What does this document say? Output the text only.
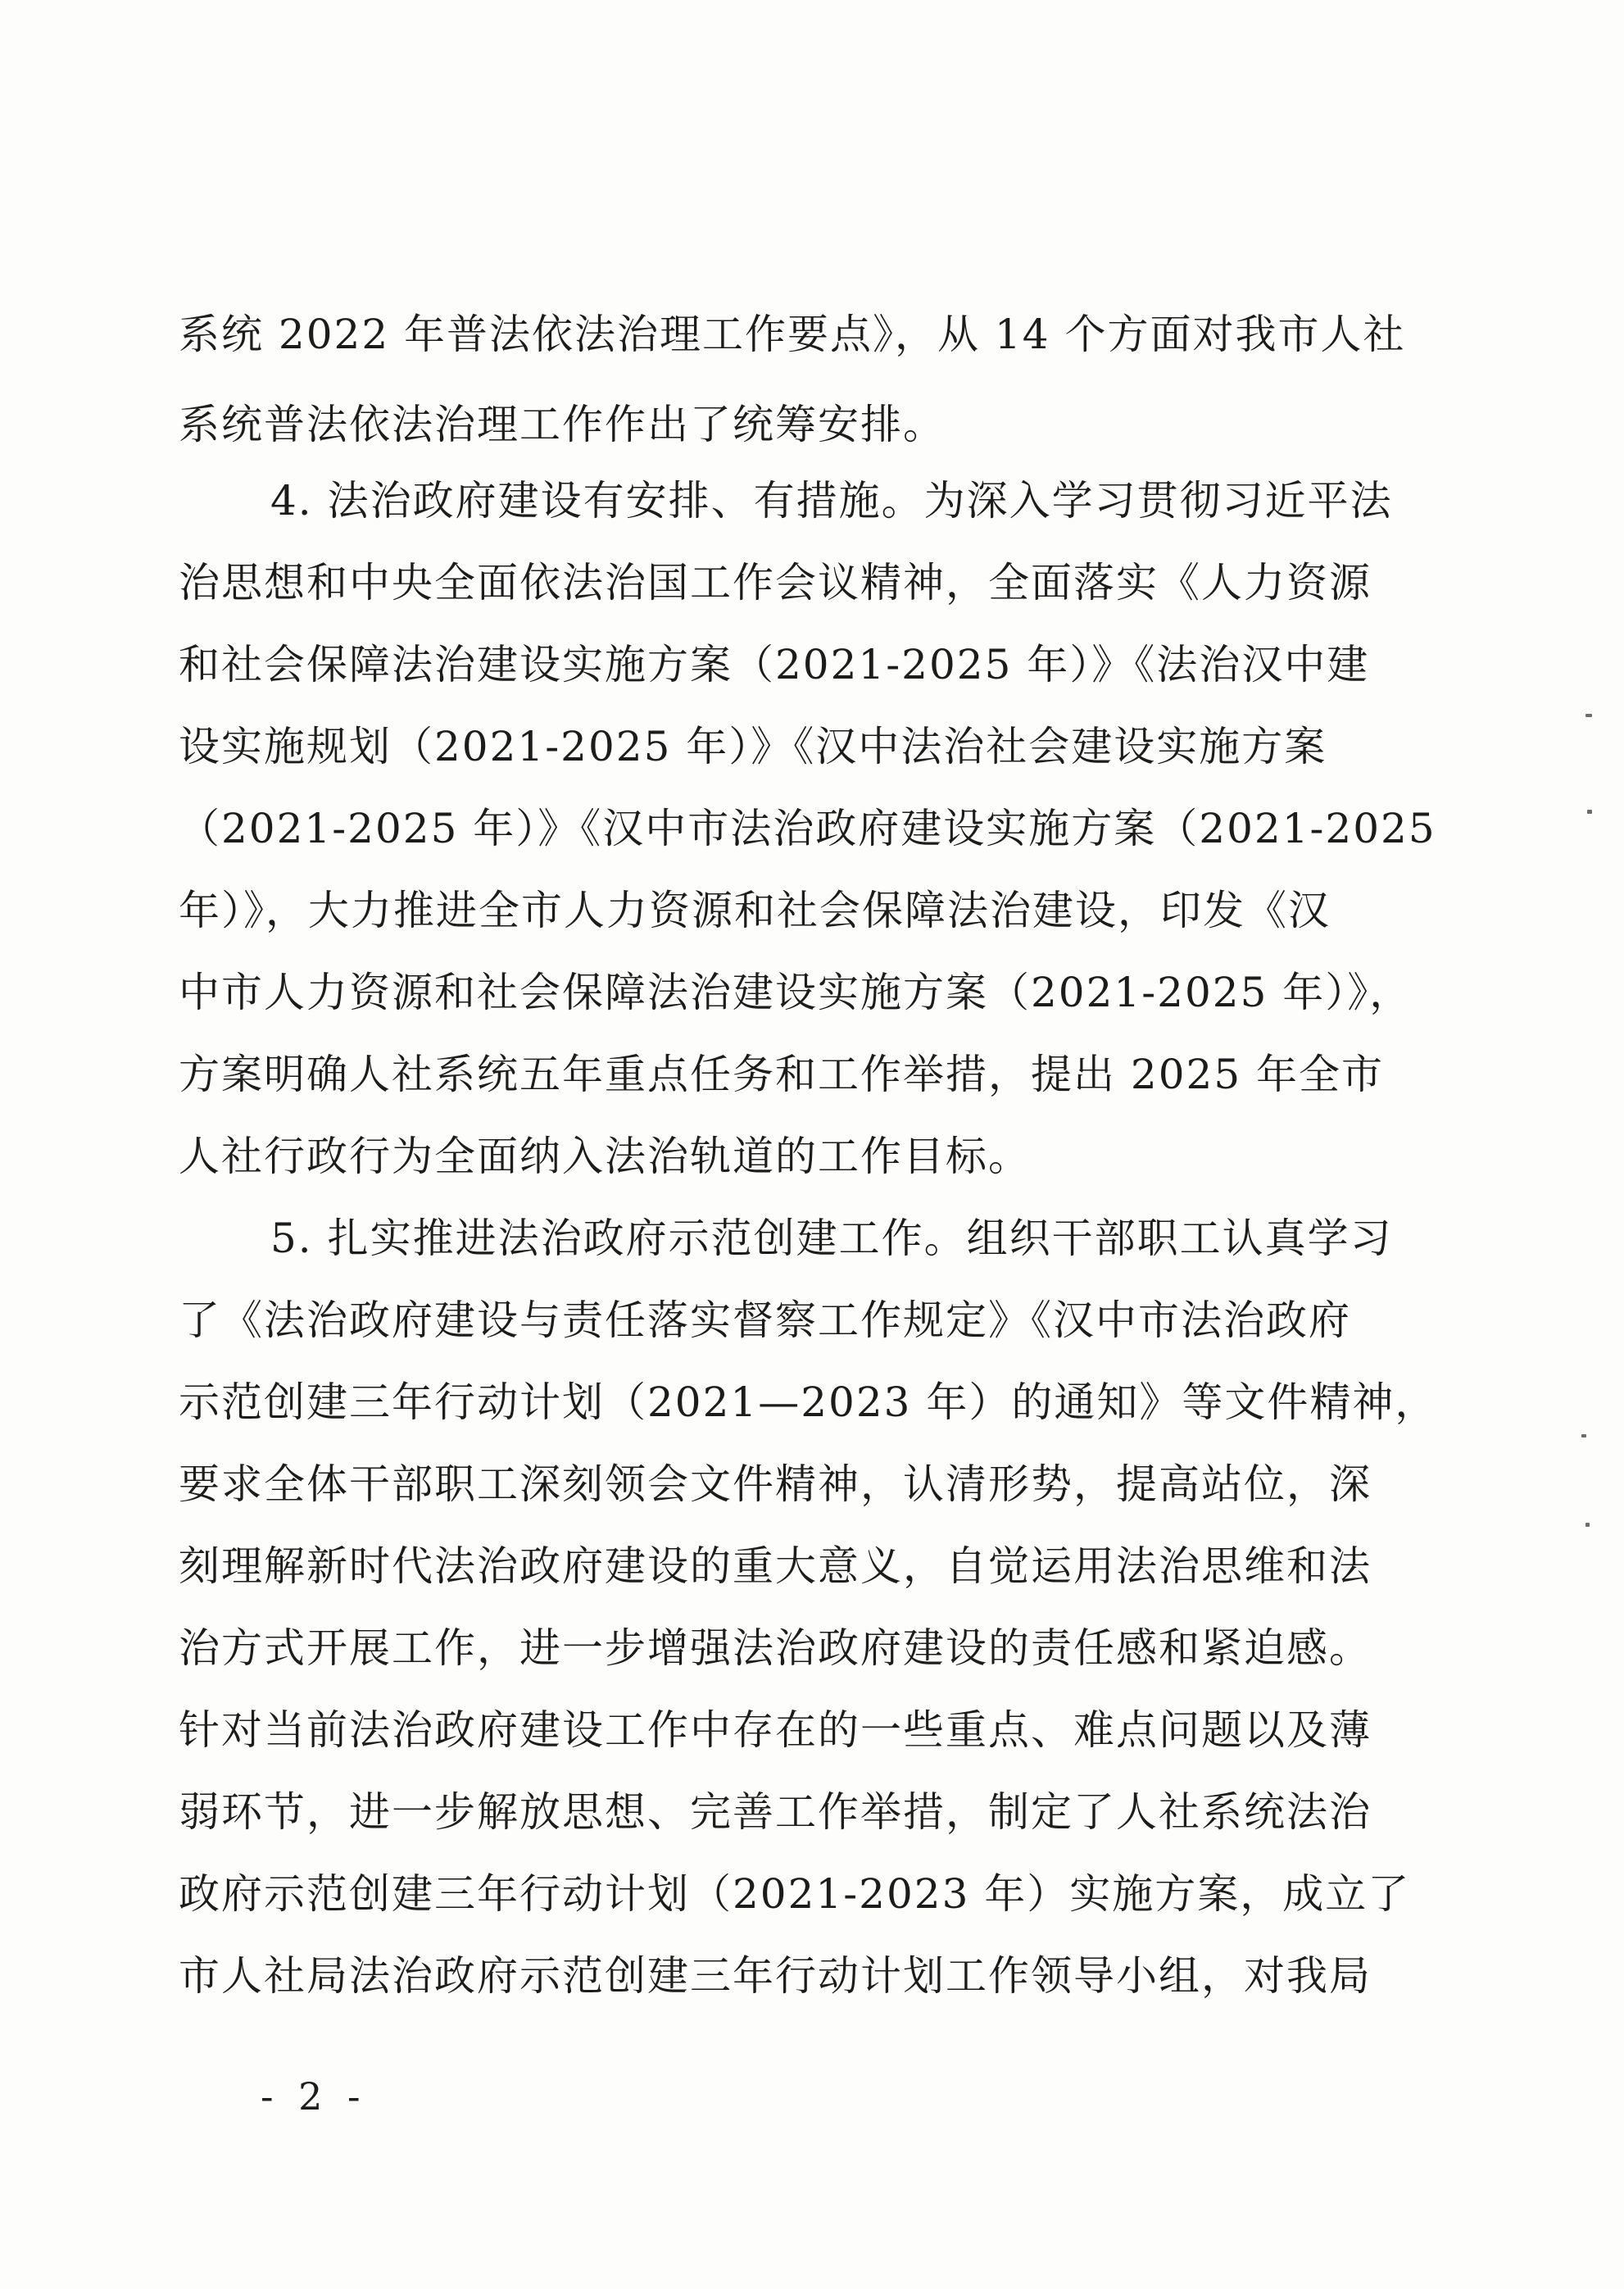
系统 2022 年普法依法治理工作要点》，从 14 个方面对我市人社
系统普法依法治理工作作出了统筹安排。
4. 法治政府建设有安排、有措施。为深入学习贯彻习近平法
治思想和中央全面依法治国工作会议精神，全面落实《人力资源
和社会保障法治建设实施方案（2021-2025 年）》《法治汉中建
设实施规划（2021-2025 年）》《汉中法治社会建设实施方案
（2021-2025 年）》《汉中市法治政府建设实施方案（2021-2025
年）》，大力推进全市人力资源和社会保障法治建设，印发《汉
中市人力资源和社会保障法治建设实施方案（2021-2025 年）》，
方案明确人社系统五年重点任务和工作举措，提出 2025 年全市
人社行政行为全面纳入法治轨道的工作目标。
5. 扎实推进法治政府示范创建工作。组织干部职工认真学习
了《法治政府建设与责任落实督察工作规定》《汉中市法治政府
示范创建三年行动计划（2021—2023 年）的通知》等文件精神，
要求全体干部职工深刻领会文件精神，认清形势，提高站位，深
刻理解新时代法治政府建设的重大意义，自觉运用法治思维和法
治方式开展工作，进一步增强法治政府建设的责任感和紧迫感。
针对当前法治政府建设工作中存在的一些重点、难点问题以及薄
弱环节，进一步解放思想、完善工作举措，制定了人社系统法治
政府示范创建三年行动计划（2021-2023 年）实施方案，成立了
市人社局法治政府示范创建三年行动计划工作领导小组，对我局
- 2 -
